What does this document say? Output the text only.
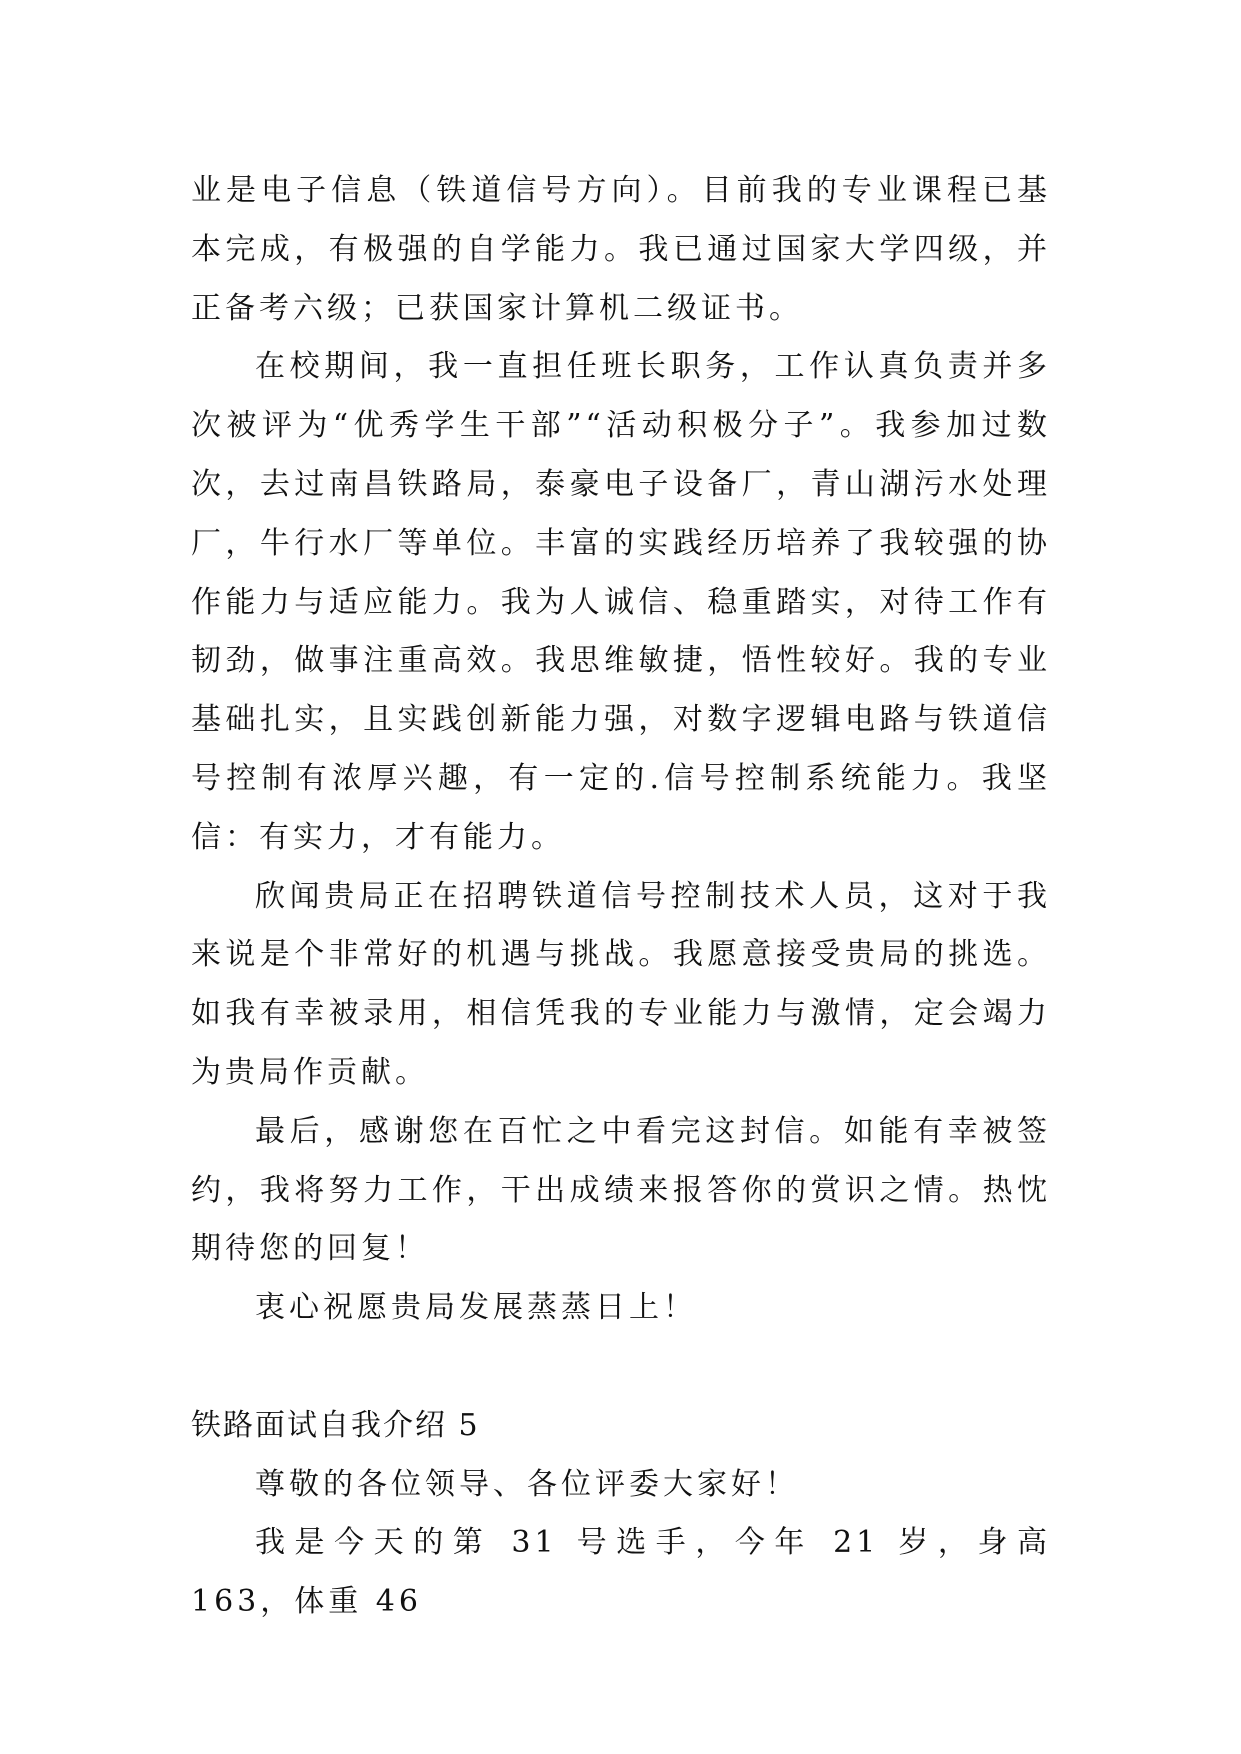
业是电子信息（铁道信号方向）。目前我的专业课程已基本完成，有极强的自学能力。我已通过国家大学四级，并正备考六级；已获国家计算机二级证书。

在校期间，我一直担任班长职务，工作认真负责并多次被评为“优秀学生干部”“活动积极分子”。我参加过数次，去过南昌铁路局，泰豪电子设备厂，青山湖污水处理厂，牛行水厂等单位。丰富的实践经历培养了我较强的协作能力与适应能力。我为人诚信、稳重踏实，对待工作有韧劲，做事注重高效。我思维敏捷，悟性较好。我的专业基础扎实，且实践创新能力强，对数字逻辑电路与铁道信号控制有浓厚兴趣，有一定的.信号控制系统能力。我坚信：有实力，才有能力。

欣闻贵局正在招聘铁道信号控制技术人员，这对于我来说是个非常好的机遇与挑战。我愿意接受贵局的挑选。如我有幸被录用，相信凭我的专业能力与激情，定会竭力为贵局作贡献。

最后，感谢您在百忙之中看完这封信。如能有幸被签约，我将努力工作，干出成绩来报答你的赏识之情。热忱期待您的回复！

衷心祝愿贵局发展蒸蒸日上！

铁路面试自我介绍 5

尊敬的各位领导、各位评委大家好！

我是今天的第 31 号选手，今年 21 岁，身高 163，体重 46
